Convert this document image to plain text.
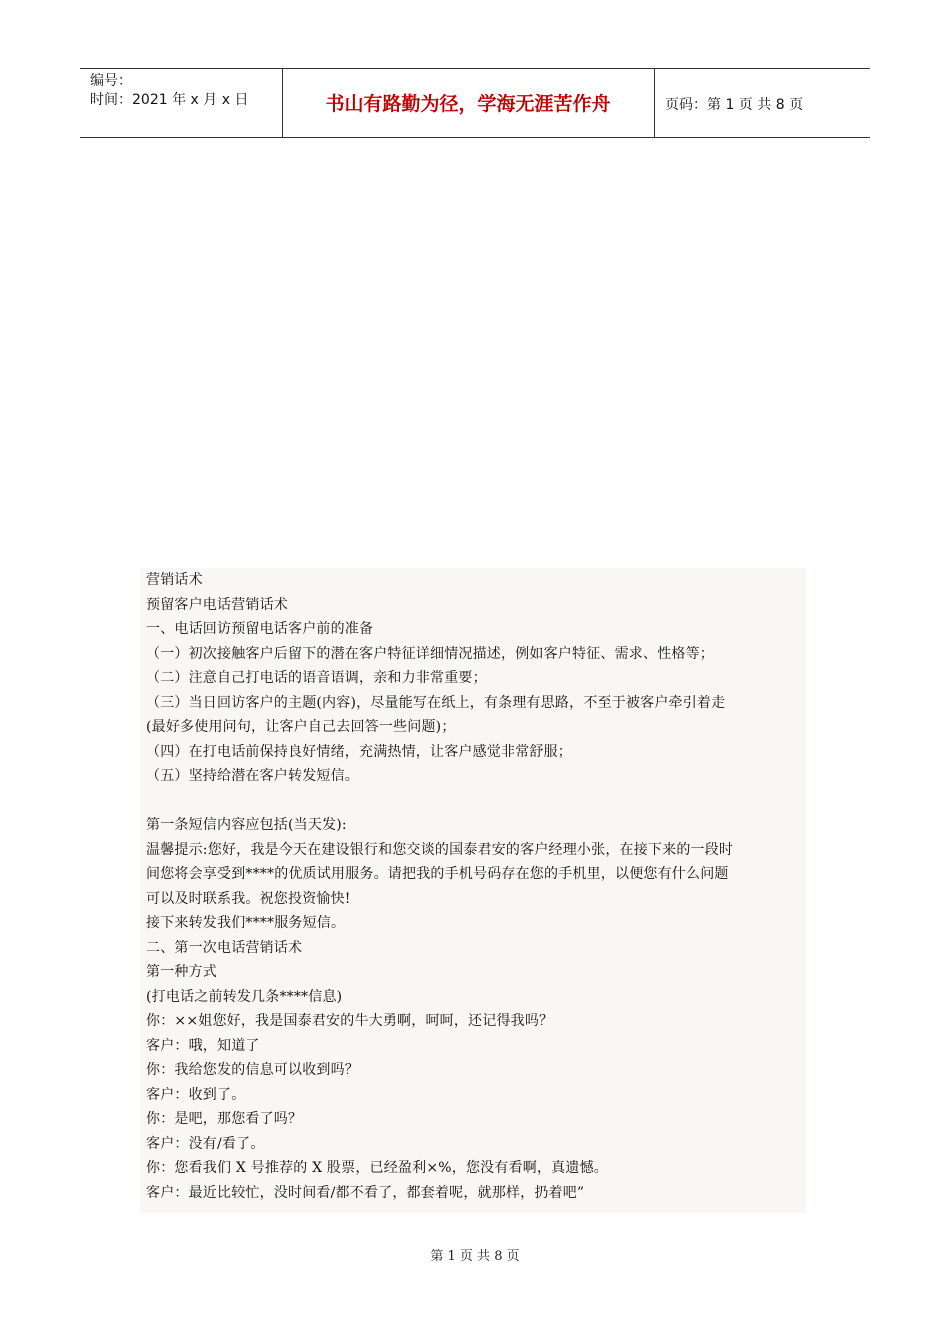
编号：
时间：2021 年 x 月 x 日	书山有路勤为径，学海无涯苦作舟	页码：第 1 页 共 8 页
营销话术
预留客户电话营销话术
一、电话回访预留电话客户前的准备
（一）初次接触客户后留下的潜在客户特征详细情况描述，例如客户特征、需求、性格等；
（二）注意自己打电话的语音语调，亲和力非常重要；
（三）当日回访客户的主题(内容)，尽量能写在纸上，有条理有思路，不至于被客户牵引着走
(最好多使用问句，让客户自己去回答一些问题)；
（四）在打电话前保持良好情绪，充满热情，让客户感觉非常舒服；
（五）坚持给潜在客户转发短信。
第一条短信内容应包括(当天发):
温馨提示:您好，我是今天在建设银行和您交谈的国泰君安的客户经理小张，在接下来的一段时
间您将会享受到****的优质试用服务。请把我的手机号码存在您的手机里，以便您有什么问题
可以及时联系我。祝您投资愉快!
接下来转发我们****服务短信。
二、第一次电话营销话术
第一种方式
(打电话之前转发几条****信息)
你：××姐您好，我是国泰君安的牛大勇啊，呵呵，还记得我吗？
客户：哦，知道了
你：我给您发的信息可以收到吗？
客户：收到了。
你：是吧，那您看了吗？
客户：没有/看了。
你：您看我们 X 号推荐的 X 股票，已经盈利×%，您没有看啊，真遗憾。
客户：最近比较忙，没时间看/都不看了，都套着呢，就那样，扔着吧”
第 1 页 共 8 页
